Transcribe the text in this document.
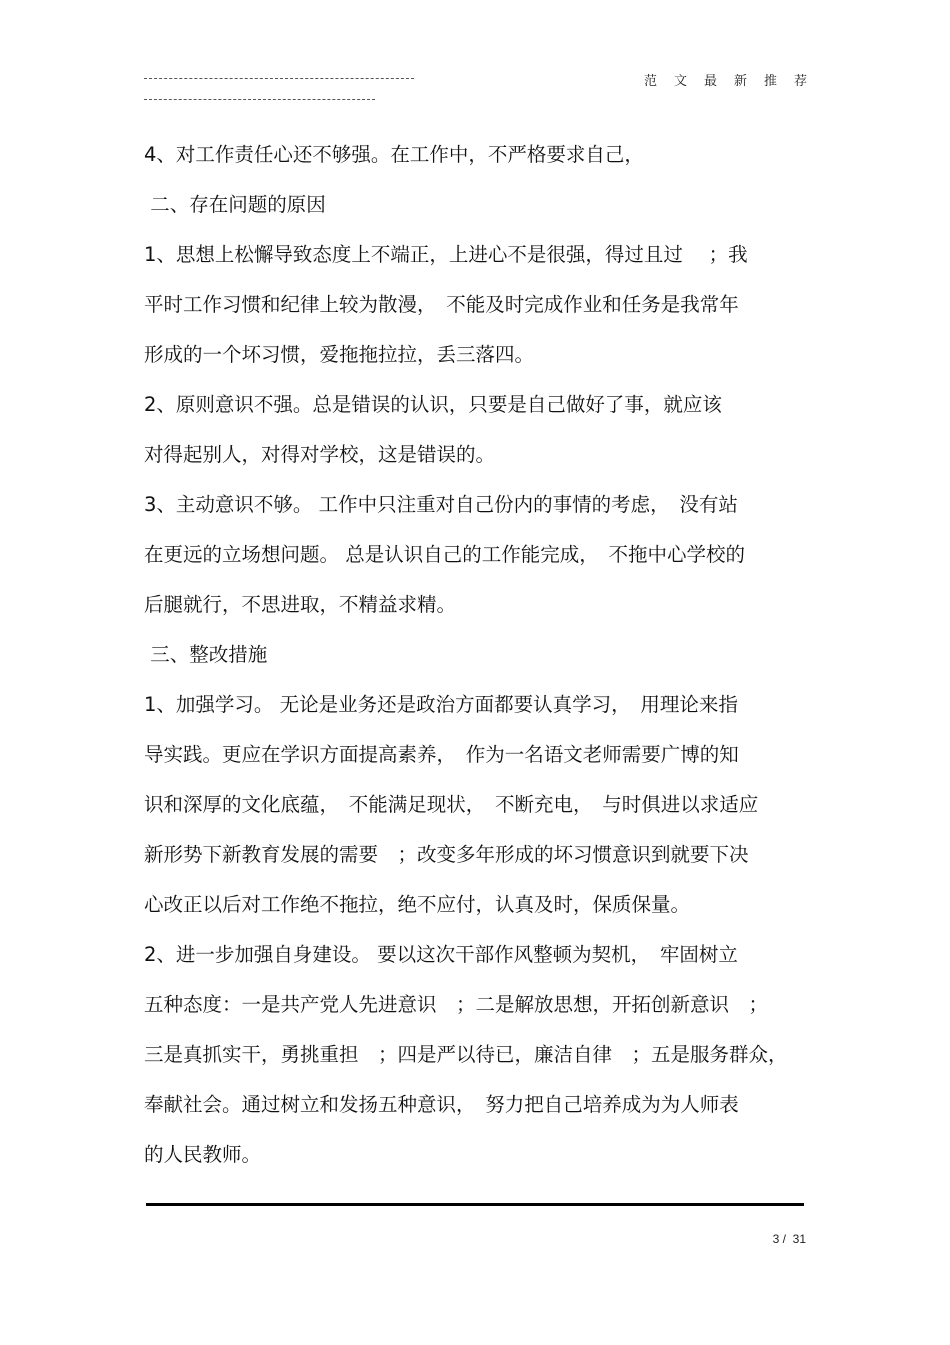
范文最新推荐
4、对工作责任心还不够强。在工作中，不严格要求自己，
二、存在问题的原因
1、思想上松懈导致态度上不端正，上进心不是很强，得过且过　 ；我
平时工作习惯和纪律上较为散漫，　不能及时完成作业和任务是我常年
形成的一个坏习惯，爱拖拖拉拉，丢三落四。
2、原则意识不强。总是错误的认识，只要是自己做好了事，就应该
对得起别人，对得对学校，这是错误的。
3、主动意识不够。 工作中只注重对自己份内的事情的考虑，　没有站
在更远的立场想问题。 总是认识自己的工作能完成，　不拖中心学校的
后腿就行，不思进取，不精益求精。
三、整改措施
1、加强学习。 无论是业务还是政治方面都要认真学习，　用理论来指
导实践。更应在学识方面提高素养，　作为一名语文老师需要广博的知
识和深厚的文化底蕴，　不能满足现状，　不断充电，　与时俱进以求适应
新形势下新教育发展的需要　；改变多年形成的坏习惯意识到就要下决
心改正以后对工作绝不拖拉，绝不应付，认真及时，保质保量。
2、进一步加强自身建设。 要以这次干部作风整顿为契机，　牢固树立
五种态度：一是共产党人先进意识　；二是解放思想，开拓创新意识　；
三是真抓实干，勇挑重担　；四是严以待已，廉洁自律　；五是服务群众，
奉献社会。通过树立和发扬五种意识，　努力把自己培养成为为人师表
的人民教师。
3 /  31
